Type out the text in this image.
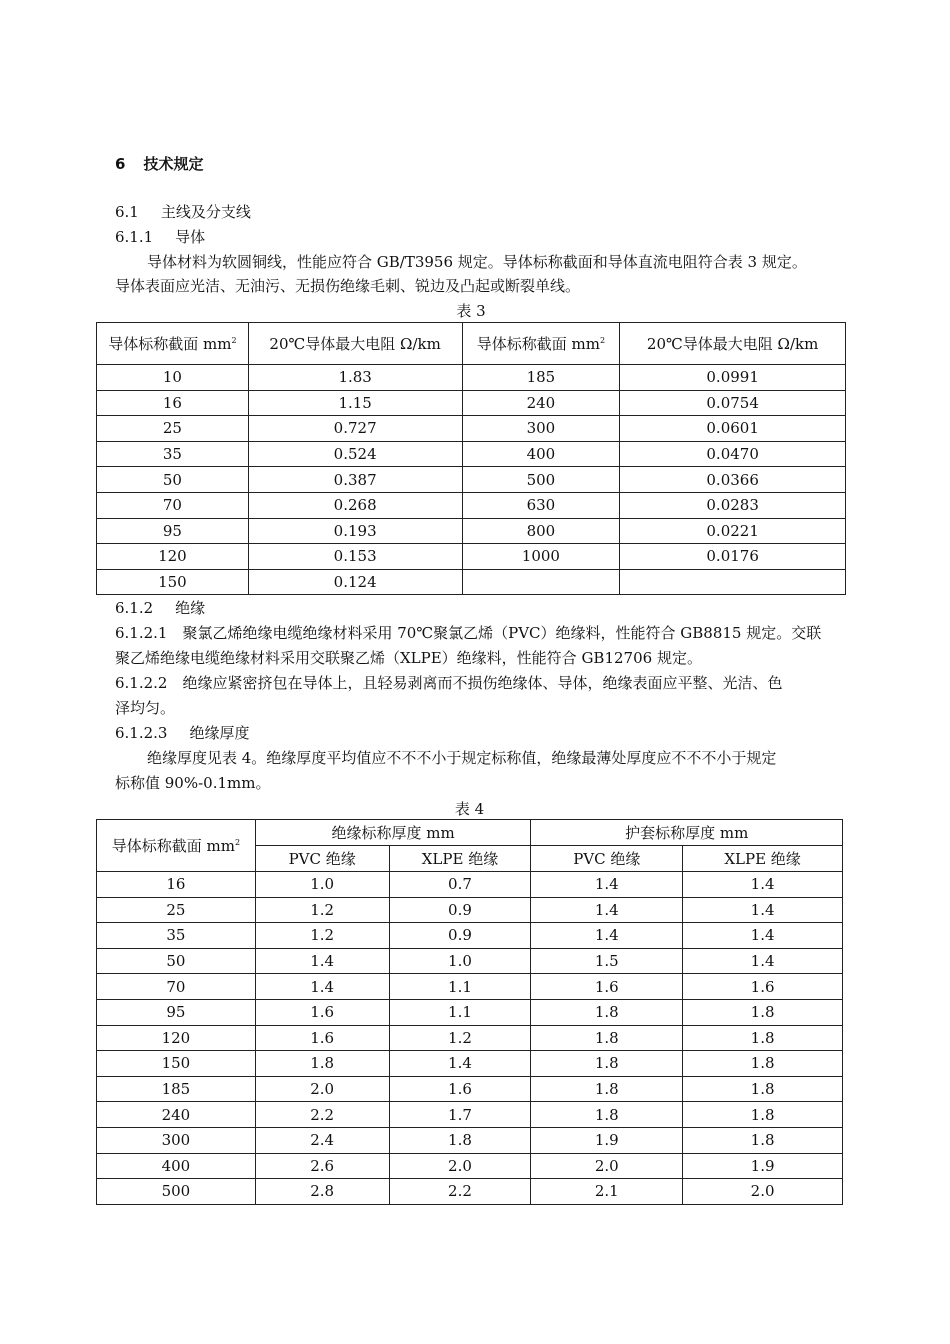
6 技术规定
6.1 主线及分支线
6.1.1 导体
导体材料为软圆铜线，性能应符合 GB/T3956 规定。导体标称截面和导体直流电阻符合表 3 规定。
导体表面应光洁、无油污、无损伤绝缘毛刺、锐边及凸起或断裂单线。
表 3
导体标称截面 $mm^2$	20℃导体最大电阻 Ω/km	导体标称截面 $mm^2$	20℃导体最大电阻 Ω/km
10	1.83	185	0.0991
16	1.15	240	0.0754
25	0.727	300	0.0601
35	0.524	400	0.0470
50	0.387	500	0.0366
70	0.268	630	0.0283
95	0.193	800	0.0221
120	0.153	1000	0.0176
150	0.124		
6.1.2 绝缘
6.1.2.1　聚氯乙烯绝缘电缆绝缘材料采用 70℃聚氯乙烯（PVC）绝缘料，性能符合 GB8815 规定。交联
聚乙烯绝缘电缆绝缘材料采用交联聚乙烯（XLPE）绝缘料，性能符合 GB12706 规定。
6.1.2.2　绝缘应紧密挤包在导体上，且轻易剥离而不损伤绝缘体、导体，绝缘表面应平整、光洁、色
泽均匀。
6.1.2.3 绝缘厚度
绝缘厚度见表 4。绝缘厚度平均值应不不不小于规定标称值，绝缘最薄处厚度应不不不小于规定
标称值 90%-0.1mm。
表 4
导体标称截面 $mm^2$	绝缘标称厚度 mm		护套标称厚度 mm	
	PVC 绝缘	XLPE 绝缘	PVC 绝缘	XLPE 绝缘
16	1.0	0.7	1.4	1.4
25	1.2	0.9	1.4	1.4
35	1.2	0.9	1.4	1.4
50	1.4	1.0	1.5	1.4
70	1.4	1.1	1.6	1.6
95	1.6	1.1	1.8	1.8
120	1.6	1.2	1.8	1.8
150	1.8	1.4	1.8	1.8
185	2.0	1.6	1.8	1.8
240	2.2	1.7	1.8	1.8
300	2.4	1.8	1.9	1.8
400	2.6	2.0	2.0	1.9
500	2.8	2.2	2.1	2.0
